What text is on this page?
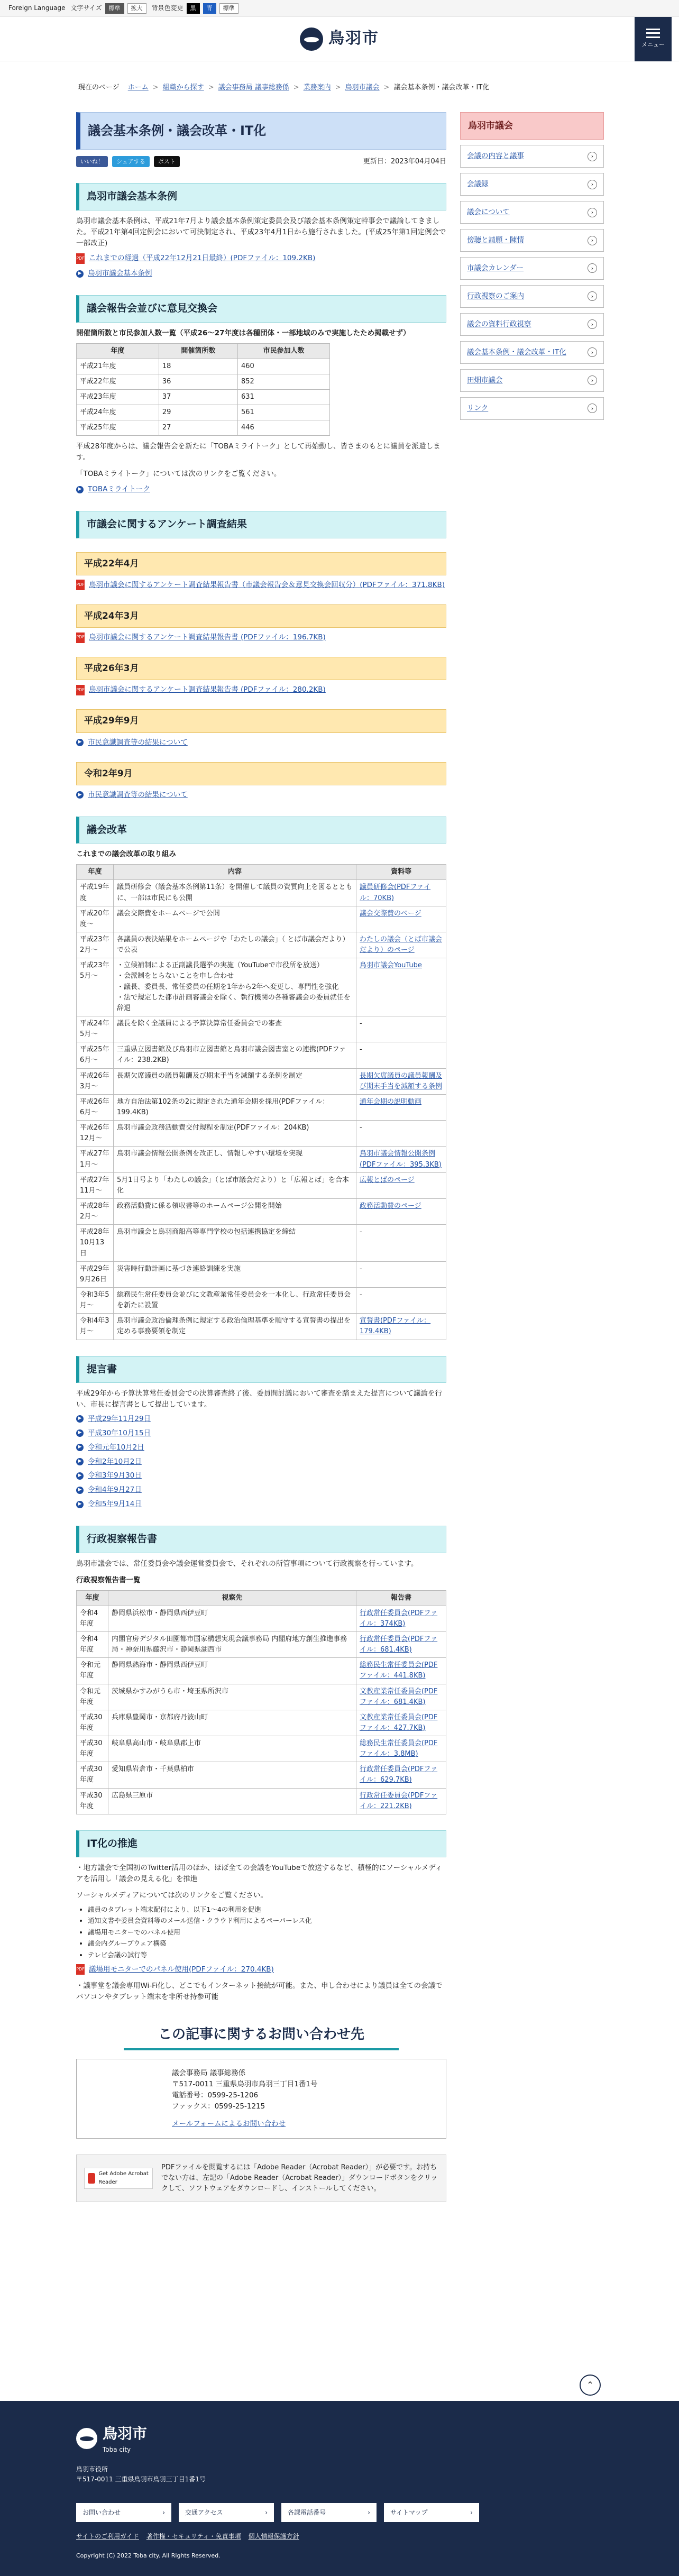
Foreign Language 文字サイズ	標準	拡大	背景色変更	黒	青	標準
鳥羽市	メニュー
現在のページ ホーム > 組織から探す > 議会事務局 議事総務係 > 業務案内 > 鳥羽市議会 > 議会基本条例・議会改革・IT化
議会基本条例・議会改革・IT化
いいね！	シェアする	ポスト	更新日：2023年04月04日
鳥羽市議会基本条例

鳥羽市議会基本条例は、平成21年7月より議会基本条例策定委員会及び議会基本条例策定幹事会で議論してきました。平成21年第4回定例会において可決制定され、平成23年4月1日から施行されました。(平成25年第1回定例会で一部改正)

PDF これまでの経過（平成22年12月21日最終）(PDFファイル：109.2KB)
▶ 鳥羽市議会基本条例
議会報告会並びに意見交換会

開催箇所数と市民参加人数一覧（平成26〜27年度は各種団体・一部地域のみで実施したため掲載せず）

年度	開催箇所数	市民参加人数
平成21年度	18	460
平成22年度	36	852
平成23年度	37	631
平成24年度	29	561
平成25年度	27	446

平成28年度からは、議会報告会を新たに「TOBAミライトーク」として再始動し、皆さまのもとに議員を派遣します。

「TOBAミライトーク」については次のリンクをご覧ください。

▶ TOBAミライトーク
市議会に関するアンケート調査結果
平成22年4月
PDF 鳥羽市議会に関するアンケート調査結果報告書（市議会報告会＆意見交換会回収分）(PDFファイル：371.8KB)
平成24年3月
PDF 鳥羽市議会に関するアンケート調査結果報告書 (PDFファイル：196.7KB)
平成26年3月
PDF 鳥羽市議会に関するアンケート調査結果報告書 (PDFファイル：280.2KB)
平成29年9月
▶ 市民意識調査等の結果について
令和2年9月
▶ 市民意識調査等の結果について
議会改革

これまでの議会改革の取り組み

年度	内容	資料等
平成19年度	議員研修会（議会基本条例第11条）を開催して議員の資質向上を図るとともに、一部は市民にも公開	議員研修会(PDFファイル：70KB)
平成20年度〜	議会交際費をホームページで公開	議会交際費のページ
平成23年2月〜	各議員の表決結果をホームページや「わたしの議会」（ とば市議会だより）で公表	わたしの議会（とば市議会だより）のページ
平成23年5月〜	・立候補制による正副議長選挙の実施（YouTubeで市役所を放送）
・会派制をとらないことを申し合わせ
・議長、委員長、常任委員の任期を1年から2年へ変更し、専門性を強化
・法で規定した都市計画審議会を除く、執行機関の各種審議会の委員就任を辞退	鳥羽市議会YouTube
平成24年5月〜	議長を除く全議員による予算決算常任委員会での審査	-
平成25年6月〜	三重県立図書館及び鳥羽市立図書館と鳥羽市議会図書室との連携(PDFファイル：238.2KB)	-
平成26年3月〜	長期欠席議員の議員報酬及び期末手当を減額する条例を制定	長期欠席議員の議員報酬及び期末手当を減額する条例
平成26年6月〜	地方自治法第102条の2に規定された通年会期を採用(PDFファイル：199.4KB)	通年会期の説明動画
平成26年12月〜	鳥羽市議会政務活動費交付規程を制定(PDFファイル：204KB)	-
平成27年1月〜	鳥羽市議会情報公開条例を改正し、情報しやすい環境を実現	鳥羽市議会情報公開条例(PDFファイル：395.3KB)
平成27年11月〜	5月1日号より「わたしの議会」（とば市議会だより）と「広報とば」を合本化	広報とばのページ
平成28年2月〜	政務活動費に係る領収書等のホームページ公開を開始	政務活動費のページ
平成28年10月13日	鳥羽市議会と鳥羽商船高等専門学校の包括連携協定を締結	-
平成29年9月26日	災害時行動計画に基づき連絡訓練を実施	-
令和3年5月〜	総務民生常任委員会並びに文教産業常任委員会を一本化し、行政常任委員会を新たに設置	-
令和4年3月〜	鳥羽市議会政治倫理条例に規定する政治倫理基準を順守する宣誓書の提出を定める事務要領を制定	宣誓書(PDFファイル：179.4KB)
提言書

平成29年から予算決算常任委員会での決算審査終了後、委員間討議において審査を踏まえた提言について議論を行い、市長に提言書として提出しています。

▶ 平成29年11月29日
▶ 平成30年10月15日
▶ 令和元年10月2日
▶ 令和2年10月2日
▶ 令和3年9月30日
▶ 令和4年9月27日
▶ 令和5年9月14日
行政視察報告書

鳥羽市議会では、常任委員会や議会運営委員会で、それぞれの所管事項について行政視察を行っています。

行政視察報告書一覧

年度	視察先	報告書
令和4年度	静岡県浜松市・静岡県西伊豆町	行政常任委員会(PDFファイル：374KB)
令和4年度	内閣官房デジタル田園都市国家構想実現会議事務局 内閣府地方創生推進事務局・神奈川県藤沢市・静岡県湖西市	行政常任委員会(PDFファイル：681.4KB)
令和元年度	静岡県熱海市・静岡県西伊豆町	総務民生常任委員会(PDFファイル：441.8KB)
令和元年度	茨城県かすみがうら市・埼玉県所沢市	文教産業常任委員会(PDFファイル：681.4KB)
平成30年度	兵庫県豊岡市・京都府丹波山町	文教産業常任委員会(PDFファイル：427.7KB)
平成30年度	岐阜県高山市・岐阜県郡上市	総務民生常任委員会(PDFファイル：3.8MB)
平成30年度	愛知県岩倉市・千葉県柏市	行政常任委員会(PDFファイル：629.7KB)
平成30年度	広島県三原市	行政常任委員会(PDFファイル：221.2KB)
IT化の推進

・地方議会で全国初のTwitter活用のほか、ほぼ全ての会議をYouTubeで放送するなど、積極的にソーシャルメディアを活用し「議会の見える化」を推進

ソーシャルメディアについては次のリンクをご覧ください。

• 議員のタブレット端末配付により、以下1〜4の利用を促進
• 通知文書や委員会資料等のメール送信・クラウド利用によるペーパーレス化
• 議場用モニターでのパネル使用
• 議会内グループウェア構築
• テレビ会議の試行等
PDF 議場用モニターでのパネル使用(PDFファイル：270.4KB)

・議事堂を議会専用Wi-Fi化し、どこでもインターネット接続が可能。また、申し合わせにより議員は全ての会議でパソコンやタブレット端末を非所せ持参可能

この記事に関するお問い合わせ先
議会事務局 議事総務係
〒517-0011 三重県鳥羽市鳥羽三丁目1番1号
電話番号：0599-25-1206
ファックス：0599-25-1215
メールフォームによるお問い合わせ
Get Adobe Acrobat Reader

PDFファイルを閲覧するには「Adobe Reader（Acrobat Reader）」が必要です。お持ちでない方は、左記の「Adobe Reader（Acrobat Reader）」ダウンロードボタンをクリックして、ソフトウェアをダウンロードし、インストールしてください。

鳥羽市議会
会議の内容と議事	›
会議録	›
議会について	›
傍聴と請願・陳情	›
市議会カレンダー	›
行政視察のご案内	›
議会の資料行政視察	›
議会基本条例・議会改革・IT化	›
田畑市議会	›
リンク	›
⌃
鳥羽市
Toba city
鳥羽市役所
〒517-0011 三重県鳥羽市鳥羽三丁目1番1号
お問い合わせ	›	交通アクセス	›	各課電話番号	›	サイトマップ	›
サイトのご利用ガイド 著作権・セキュリティ・免責事項 個人情報保護方針
Copyright (C) 2022 Toba city. All Rights Reserved.
